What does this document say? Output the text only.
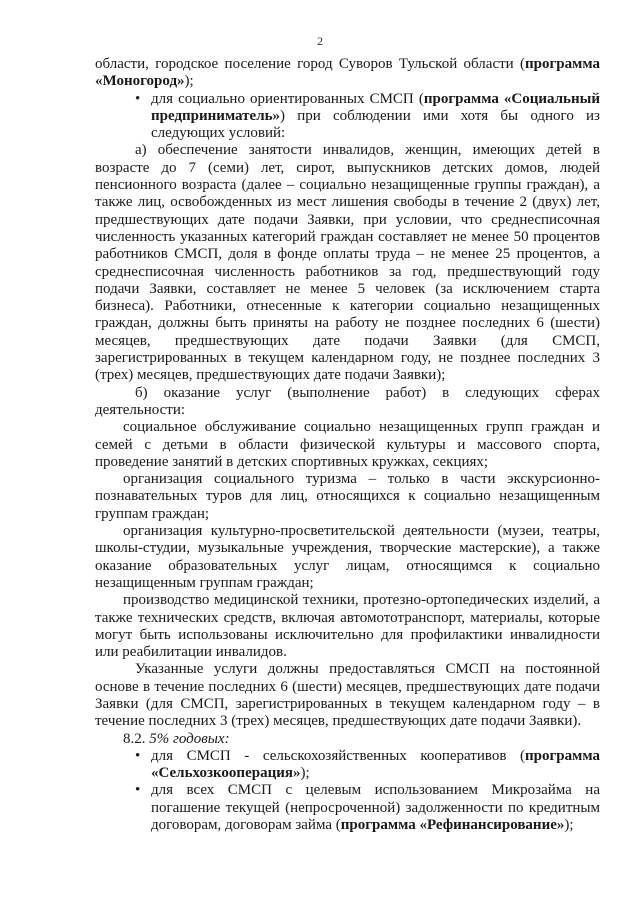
2

области, городское поселение город Суворов Тульской области (программа «Моногород»);

• для социально ориентированных СМСП (программа «Социальный предприниматель») при соблюдении ими хотя бы одного из следующих условий:

а) обеспечение занятости инвалидов, женщин, имеющих детей в возрасте до 7 (семи) лет, сирот, выпускников детских домов, людей пенсионного возраста (далее – социально незащищенные группы граждан), а также лиц, освобожденных из мест лишения свободы в течение 2 (двух) лет, предшествующих дате подачи Заявки, при условии, что среднесписочная численность указанных категорий граждан составляет не менее 50 процентов работников СМСП, доля в фонде оплаты труда – не менее 25 процентов, а среднесписочная численность работников за год, предшествующий году подачи Заявки, составляет не менее 5 человек (за исключением старта бизнеса). Работники, отнесенные к категории социально незащищенных граждан, должны быть приняты на работу не позднее последних 6 (шести) месяцев, предшествующих дате подачи Заявки (для СМСП, зарегистрированных в текущем календарном году, не позднее последних 3 (трех) месяцев, предшествующих дате подачи Заявки);

б) оказание услуг (выполнение работ) в следующих сферах деятельности:

социальное обслуживание социально незащищенных групп граждан и семей с детьми в области физической культуры и массового спорта, проведение занятий в детских спортивных кружках, секциях;

организация социального туризма – только в части экскурсионно-познавательных туров для лиц, относящихся к социально незащищенным группам граждан;

организация культурно-просветительской деятельности (музеи, театры, школы-студии, музыкальные учреждения, творческие мастерские), а также оказание образовательных услуг лицам, относящимся к социально незащищенным группам граждан;

производство медицинской техники, протезно-ортопедических изделий, а также технических средств, включая автомототранспорт, материалы, которые могут быть использованы исключительно для профилактики инвалидности или реабилитации инвалидов.

Указанные услуги должны предоставляться СМСП на постоянной основе в течение последних 6 (шести) месяцев, предшествующих дате подачи Заявки (для СМСП, зарегистрированных в текущем календарном году – в течение последних 3 (трех) месяцев, предшествующих дате подачи Заявки).

8.2. 5% годовых:

• для СМСП - сельскохозяйственных кооперативов (программа «Сельхозкооперация»);
• для всех СМСП с целевым использованием Микрозайма на погашение текущей (непросроченной) задолженности по кредитным договорам, договорам займа (программа «Рефинансирование»);
